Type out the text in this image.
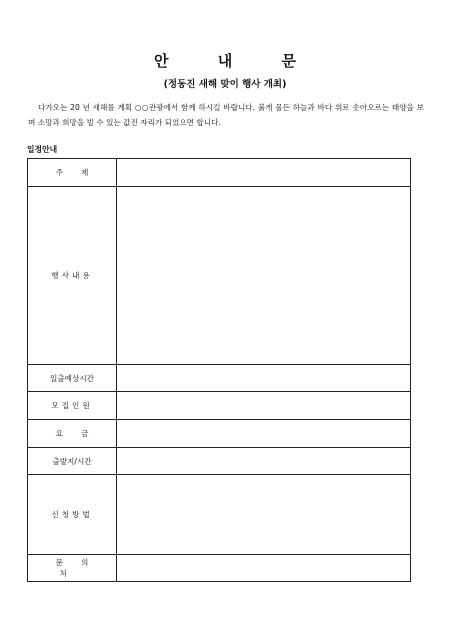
안 내 문
(정동진 새해 맞이 행사 개최)
다가오는 20 년 새해를 계획 ○○관광에서 함께 하시길 바랍니다. 붉게 물든 하늘과 바다 위로 솟아오르는 태양을 보며 소망과 희망을 빌 수 있는 값진 자리가 되었으면 합니다.
일정안내
주제	
행사내용	
일출예상시간	
모집인원	
요금	
출발지/시간	
신청방법	
문의처	
